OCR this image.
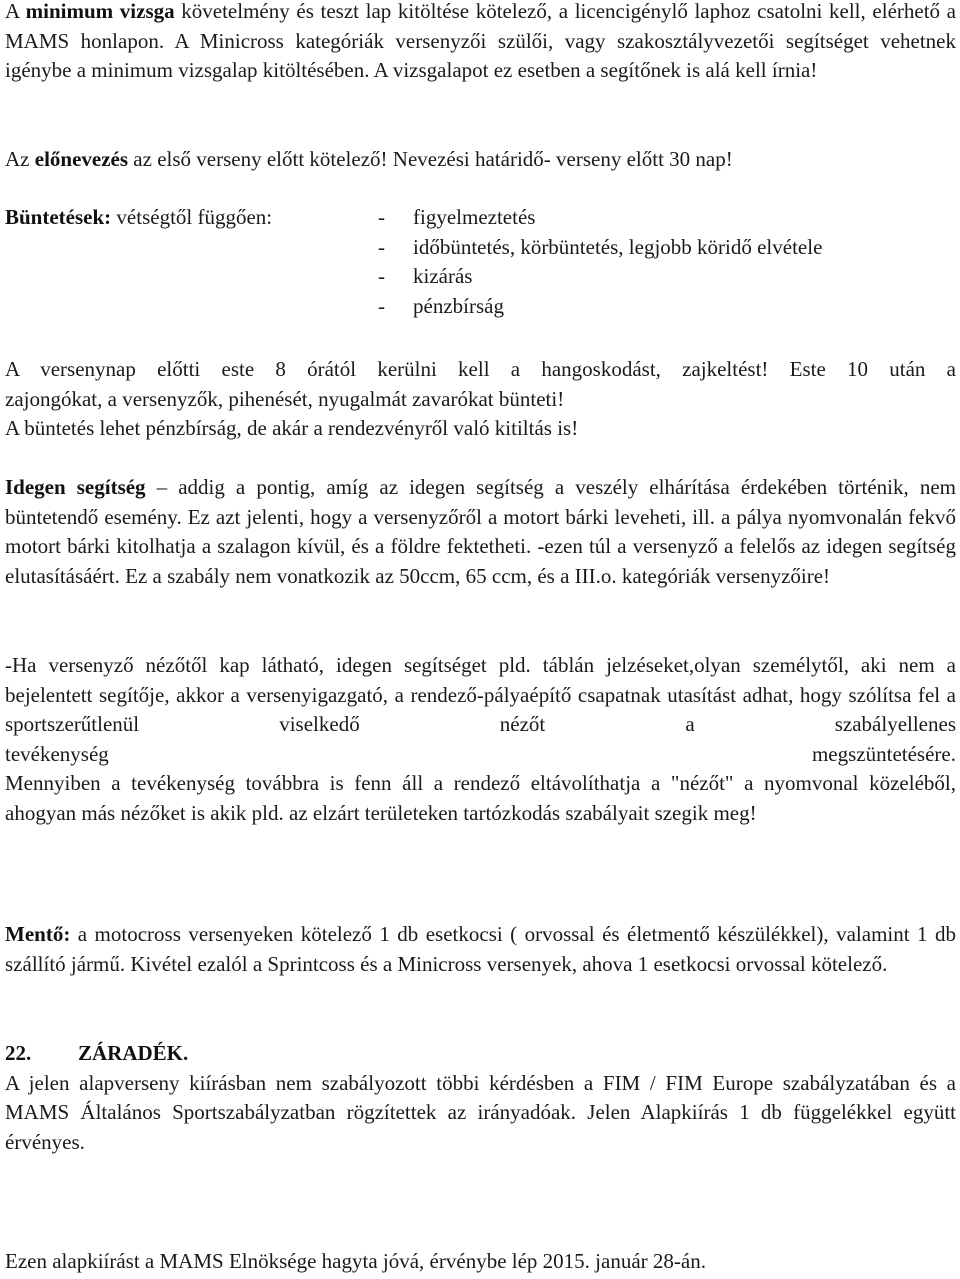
A minimum vizsga követelmény és teszt lap kitöltése kötelező, a licencigénylő laphoz csatolni kell, elérhető a MAMS honlapon. A Minicross kategóriák versenyzői szülői, vagy szakosztályvezetői segítséget vehetnek igénybe a minimum vizsgalap kitöltésében. A vizsgalapot ez esetben a segítőnek is alá kell írnia!

Az előnevezés az első verseny előtt kötelező! Nevezési határidő- verseny előtt 30 nap!

Büntetések: vétségtől függően:	- figyelmeztetés
- időbüntetés, körbüntetés, legjobb köridő elvétele
- kizárás
- pénzbírság
A versenynap előtti este 8 órától kerülni kell a hangoskodást, zajkeltést! Este 10 után a
zajongókat, a versenyzők, pihenését, nyugalmát zavarókat bünteti!
A büntetés lehet pénzbírság, de akár a rendezvényről való kitiltás is!

Idegen segítség – addig a pontig, amíg az idegen segítség a veszély elhárítása érdekében történik, nem büntetendő esemény. Ez azt jelenti, hogy a versenyzőről a motort bárki leveheti, ill. a pálya nyomvonalán fekvő motort bárki kitolhatja a szalagon kívül, és a földre fektetheti. -ezen túl a versenyző a felelős az idegen segítség elutasításáért. Ez a szabály nem vonatkozik az 50ccm, 65 ccm, és a III.o. kategóriák versenyzőire!

-Ha versenyző nézőtől kap látható, idegen segítséget pld. táblán jelzéseket,olyan személytől, aki nem a bejelentett segítője, akkor a versenyigazgató, a rendező-pályaépítő csapatnak utasítást adhat, hogy szólítsa fel a sportszerűtlenül viselkedő nézőt a szabályellenes
tevékenység	megszüntetésére.
Mennyiben a tevékenység továbbra is fenn áll a rendező eltávolíthatja a "nézőt" a nyomvonal közeléből, ahogyan más nézőket is akik pld. az elzárt területeken tartózkodás szabályait szegik meg!

Mentő: a motocross versenyeken kötelező 1 db esetkocsi ( orvossal és életmentő készülékkel), valamint 1 db szállító jármű. Kivétel ezalól a Sprintcoss és a Minicross versenyek, ahova 1 esetkocsi orvossal kötelező.

22. ZÁRADÉK.
A jelen alapverseny kiírásban nem szabályozott többi kérdésben a FIM / FIM Europe szabályzatában és a MAMS Általános Sportszabályzatban rögzítettek az irányadóak. Jelen Alapkiírás 1 db függelékkel együtt érvényes.

Ezen alapkiírást a MAMS Elnöksége hagyta jóvá, érvénybe lép 2015. január 28-án.
